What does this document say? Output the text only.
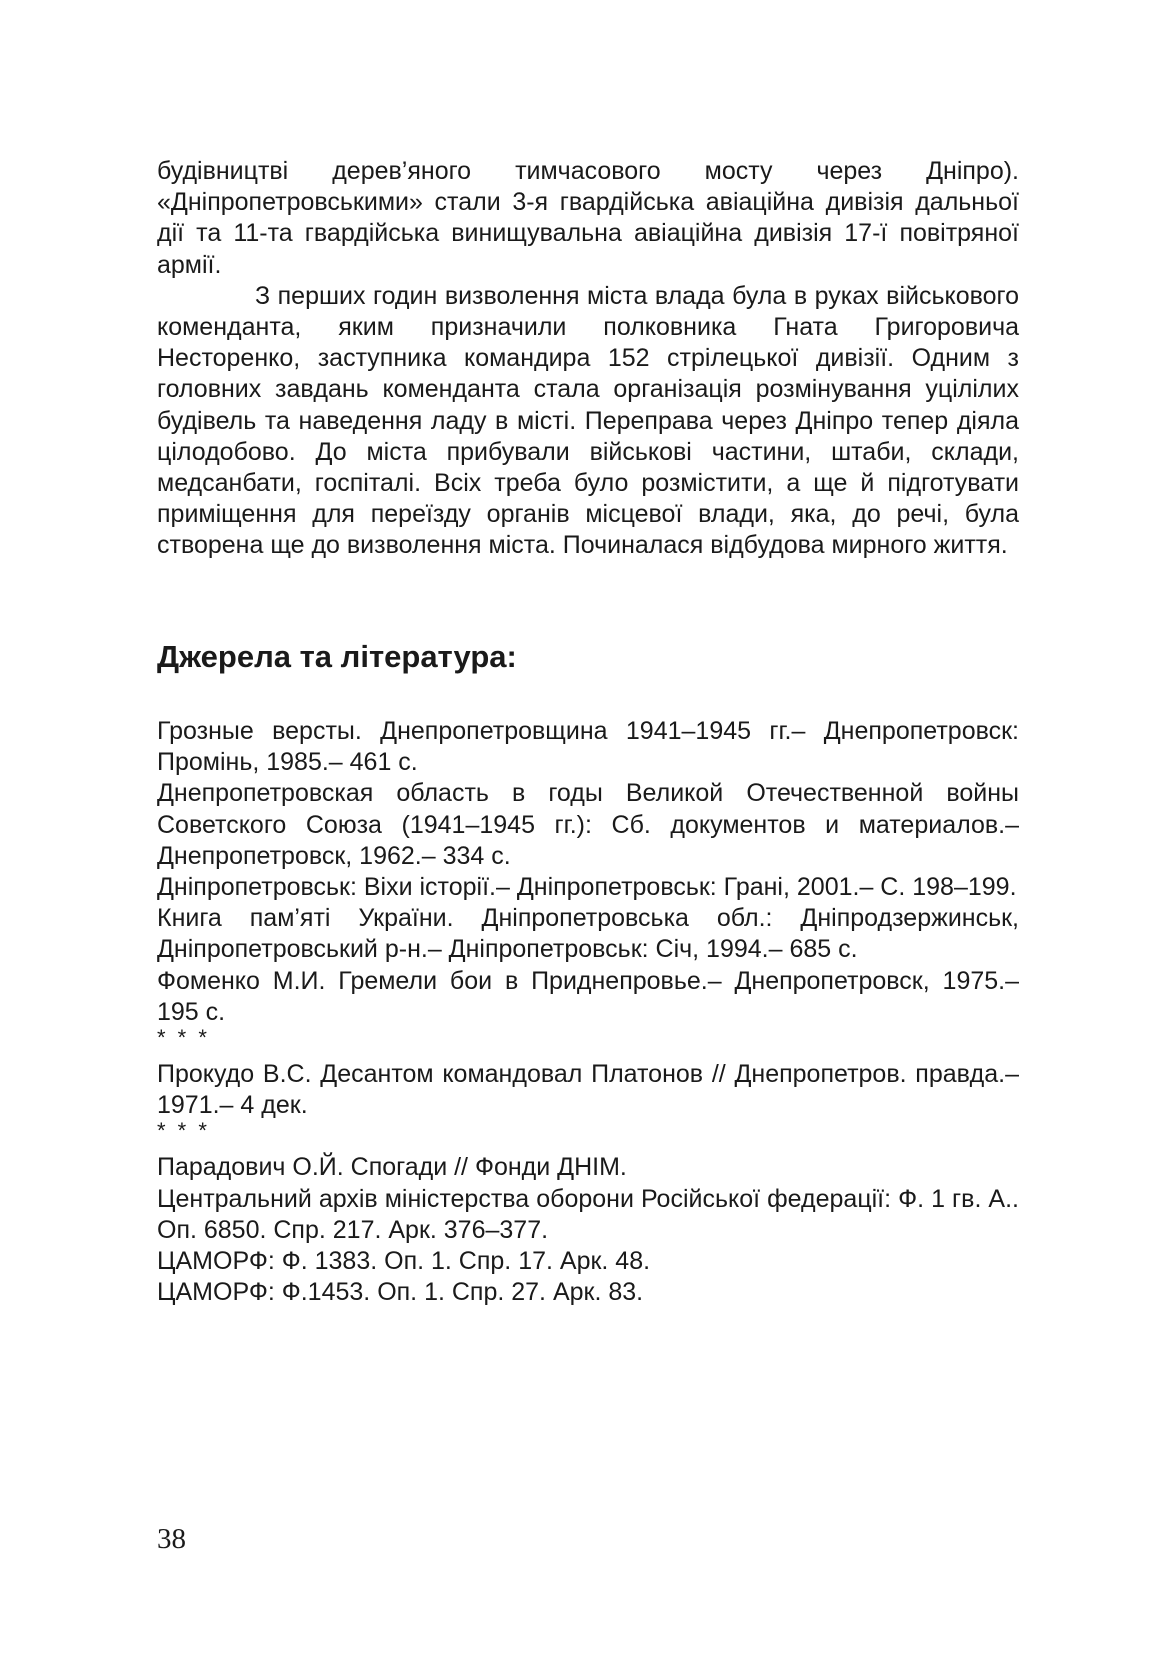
будівництві дерев’яного тимчасового мосту через Дніпро). «Дніпропетровськими» стали 3-я гвардійська авіаційна дивізія дальньої дії та 11-та гвардійська винищувальна авіаційна дивізія 17-ї повітряної армії.

З перших годин визволення міста влада була в руках військового коменданта, яким призначили полковника Гната Григоровича Несторенко, заступника командира 152 стрілецької дивізії. Одним з головних завдань коменданта стала організація розмінування уцілілих будівель та наведення ладу в місті. Переправа через Дніпро тепер діяла цілодобово. До міста прибували військові частини, штаби, склади, медсанбати, госпіталі. Всіх треба було розмістити, а ще й підготувати приміщення для переїзду органів місцевої влади, яка, до речі, була створена ще до визволення міста. Починалася відбудова мирного життя.

Джерела та література:

Грозные версты. Днепропетровщина 1941–1945 гг.– Днепропетровск: Промінь, 1985.– 461 с.

Днепропетровская область в годы Великой Отечественной войны Советского Союза (1941–1945 гг.): Сб. документов и материалов.– Днепропетровск, 1962.– 334 с.

Дніпропетровськ: Віхи історії.– Дніпропетровськ: Грані, 2001.– С. 198–199.

Книга пам’яті України. Дніпропетровська обл.: Дніпродзержинськ, Дніпропетровський р-н.– Дніпропетровськ: Січ, 1994.– 685 с.

Фоменко М.И. Гремели бои в Приднепровье.– Днепропетровск, 1975.– 195 с.

* * *

Прокудо В.С. Десантом командовал Платонов // Днепропетров. правда.– 1971.– 4 дек.

* * *

Парадович О.Й. Спогади // Фонди ДНІМ.

Центральний архів міністерства оборони Російської федерації: Ф. 1 гв. А.. Оп. 6850. Спр. 217. Арк. 376–377.

ЦАМОРФ: Ф. 1383. Оп. 1. Спр. 17. Арк. 48.

ЦАМОРФ: Ф.1453. Оп. 1. Спр. 27. Арк. 83.

38
